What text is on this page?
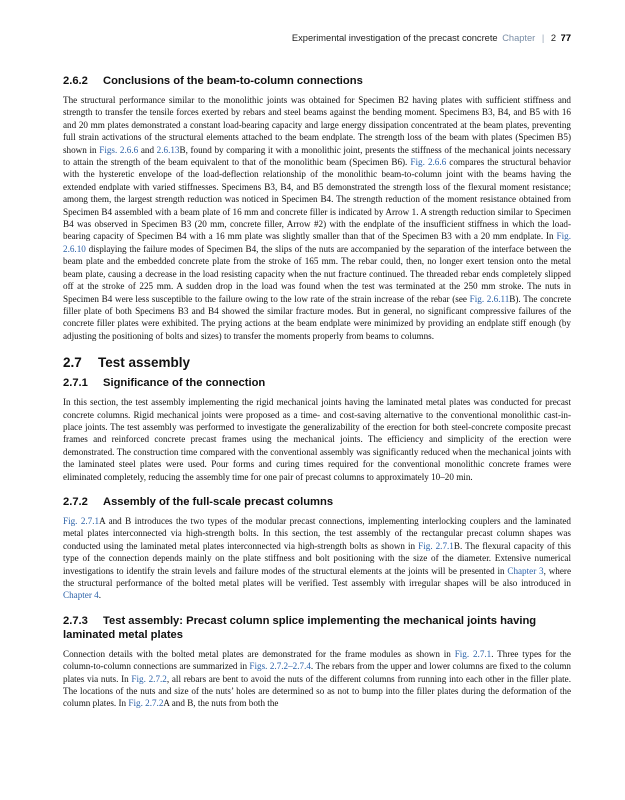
Experimental investigation of the precast concrete Chapter | 2 77
2.6.2 Conclusions of the beam-to-column connections

The structural performance similar to the monolithic joints was obtained for Specimen B2 having plates with sufficient stiffness and strength to transfer the tensile forces exerted by rebars and steel beams against the bending moment. Specimens B3, B4, and B5 with 16 and 20 mm plates demonstrated a constant load-bearing capacity and large energy dissipation concentrated at the beam plates, preventing full strain activations of the structural elements attached to the beam endplate. The strength loss of the beam with plates (Specimen B5) shown in Figs. 2.6.6 and 2.6.13B, found by comparing it with a monolithic joint, presents the stiffness of the mechanical joints necessary to attain the strength of the beam equivalent to that of the monolithic beam (Specimen B6). Fig. 2.6.6 compares the structural behavior with the hysteretic envelope of the load-deflection relationship of the monolithic beam-to-column joint with the beams having the extended endplate with varied stiffnesses. Specimens B3, B4, and B5 demonstrated the strength loss of the flexural moment resistance; among them, the largest strength reduction was noticed in Specimen B4. The strength reduction of the moment resistance obtained from Specimen B4 assembled with a beam plate of 16 mm and concrete filler is indicated by Arrow 1. A strength reduction similar to Specimen B4 was observed in Specimen B3 (20 mm, concrete filler, Arrow #2) with the endplate of the insufficient stiffness in which the load-bearing capacity of Specimen B4 with a 16 mm plate was slightly smaller than that of the Specimen B3 with a 20 mm endplate. In Fig. 2.6.10 displaying the failure modes of Specimen B4, the slips of the nuts are accompanied by the separation of the interface between the beam plate and the embedded concrete plate from the stroke of 165 mm. The rebar could, then, no longer exert tension onto the metal beam plate, causing a decrease in the load resisting capacity when the nut fracture continued. The threaded rebar ends completely slipped off at the stroke of 225 mm. A sudden drop in the load was found when the test was terminated at the 250 mm stroke. The nuts in Specimen B4 were less susceptible to the failure owing to the low rate of the strain increase of the rebar (see Fig. 2.6.11B). The concrete filler plate of both Specimens B3 and B4 showed the similar fracture modes. But in general, no significant compressive failures of the concrete filler plates were exhibited. The prying actions at the beam endplate were minimized by providing an endplate stiff enough (by adjusting the positioning of bolts and sizes) to transfer the moments properly from beams to columns.

2.7 Test assembly
2.7.1 Significance of the connection

In this section, the test assembly implementing the rigid mechanical joints having the laminated metal plates was conducted for precast concrete columns. Rigid mechanical joints were proposed as a time- and cost-saving alternative to the conventional monolithic cast-in-place joints. The test assembly was performed to investigate the generalizability of the erection for both steel-concrete composite precast frames and reinforced concrete precast frames using the mechanical joints. The efficiency and simplicity of the erection were demonstrated. The construction time compared with the conventional assembly was significantly reduced when the mechanical joints with the laminated steel plates were used. Pour forms and curing times required for the conventional monolithic concrete frames were eliminated completely, reducing the assembly time for one pair of precast columns to approximately 10–20 min.

2.7.2 Assembly of the full-scale precast columns

Fig. 2.7.1A and B introduces the two types of the modular precast connections, implementing interlocking couplers and the laminated metal plates interconnected via high-strength bolts. In this section, the test assembly of the rectangular precast column shapes was conducted using the laminated metal plates interconnected via high-strength bolts as shown in Fig. 2.7.1B. The flexural capacity of this type of the connection depends mainly on the plate stiffness and bolt positioning with the size of the diameter. Extensive numerical investigations to identify the strain levels and failure modes of the structural elements at the joints will be presented in Chapter 3, where the structural performance of the bolted metal plates will be verified. Test assembly with irregular shapes will be also introduced in Chapter 4.

2.7.3 Test assembly: Precast column splice implementing the mechanical joints having
laminated metal plates

Connection details with the bolted metal plates are demonstrated for the frame modules as shown in Fig. 2.7.1. Three types for the column-to-column connections are summarized in Figs. 2.7.2–2.7.4. The rebars from the upper and lower columns are fixed to the column plates via nuts. In Fig. 2.7.2, all rebars are bent to avoid the nuts of the different columns from running into each other in the filler plate. The locations of the nuts and size of the nuts’ holes are determined so as not to bump into the filler plates during the deformation of the column plates. In Fig. 2.7.2A and B, the nuts from both the
